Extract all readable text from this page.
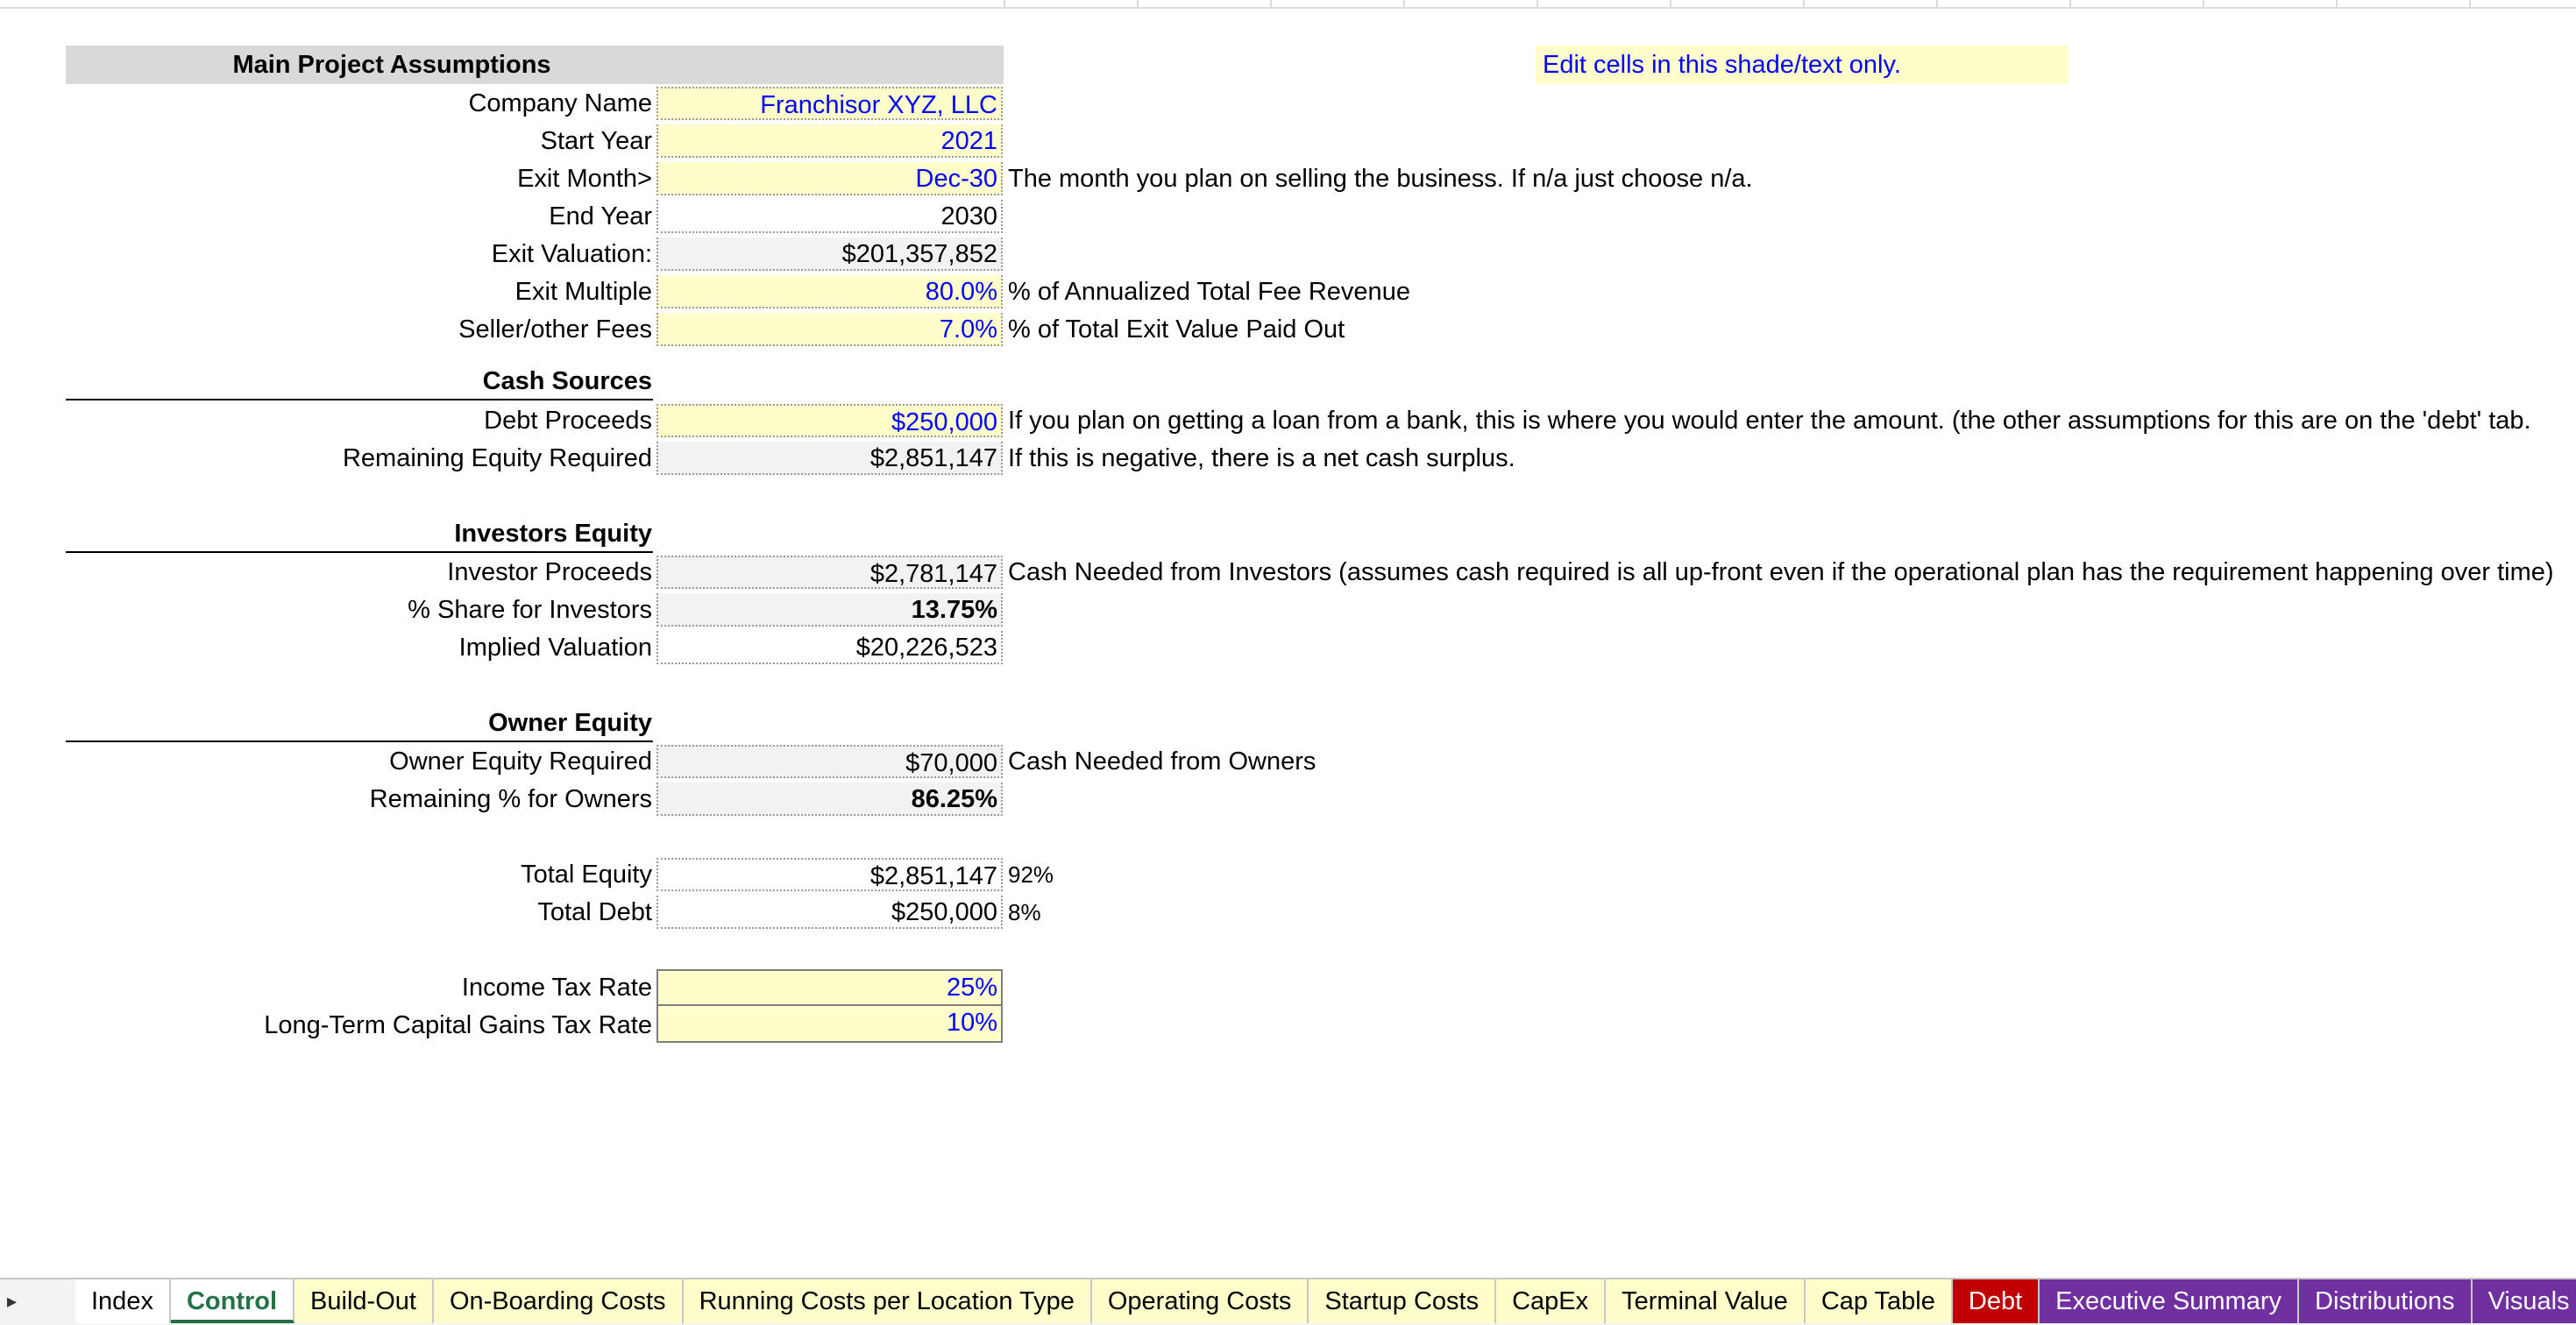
Main Project Assumptions	Edit cells in this shade/text only.
Company Name	Franchisor XYZ, LLC
Start Year	2021
Exit Month>	Dec-30 The month you plan on selling the business. If n/a just choose n/a.
End Year	2030
Exit Valuation:	$201,357,852
Exit Multiple	80.0% % of Annualized Total Fee Revenue
Seller/other Fees	7.0% % of Total Exit Value Paid Out
Cash Sources
Debt Proceeds	$250,000 If you plan on getting a loan from a bank, this is where you would enter the amount. (the other assumptions for this are on the 'debt' tab.
Remaining Equity Required	$2,851,147 If this is negative, there is a net cash surplus.
Investors Equity
Investor Proceeds	$2,781,147 Cash Needed from Investors (assumes cash required is all up-front even if the operational plan has the requirement happening over time)
% Share for Investors	13.75%
Implied Valuation	$20,226,523
Owner Equity
Owner Equity Required	$70,000 Cash Needed from Owners
Remaining % for Owners	86.25%
Total Equity	$2,851,147 92%
Total Debt	$250,000 8%
Income Tax Rate	25%
Long-Term Capital Gains Tax Rate	10%
▸	Index	Control	Build-Out	On-Boarding Costs	Running Costs per Location Type	Operating Costs	Startup Costs	CapEx	Terminal Value	Cap Table	Debt	Executive Summary	Distributions	Visuals
